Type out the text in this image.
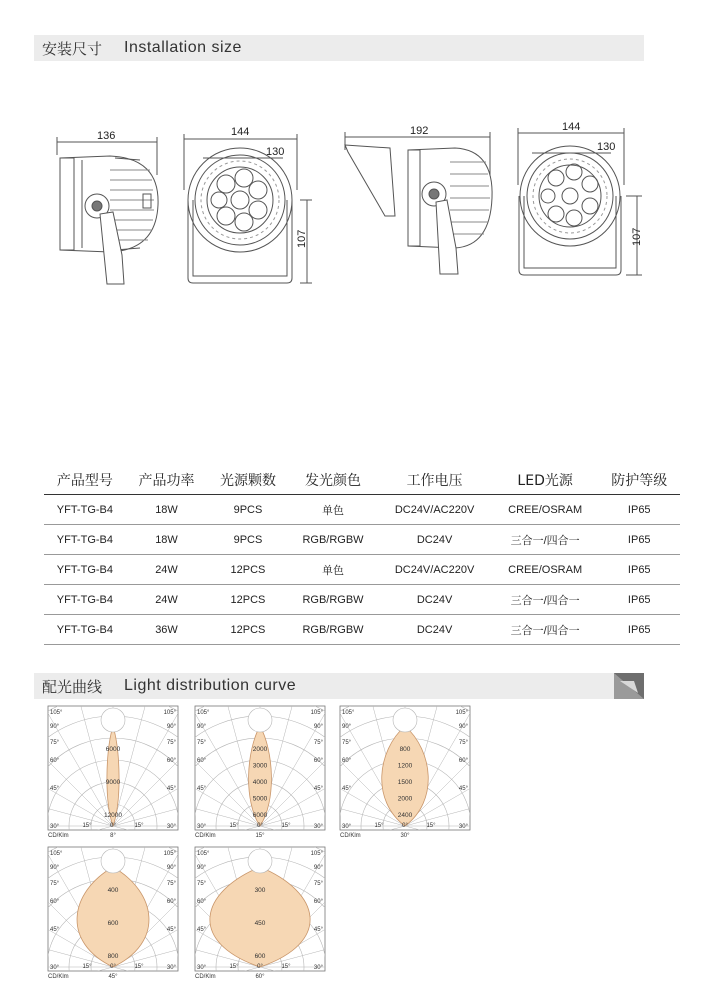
安装尺寸 Installation size
136	144
130
107
192	144
130
107
产品型号	产品功率	光源颗数	发光颜色	工作电压	LED光源	防护等级
YFT-TG-B4	18W	9PCS	单色	DC24V/AC220V	CREE/OSRAM	IP65
YFT-TG-B4	18W	9PCS	RGB/RGBW	DC24V	三合一/四合一	IP65
YFT-TG-B4	24W	12PCS	单色	DC24V/AC220V	CREE/OSRAM	IP65
YFT-TG-B4	24W	12PCS	RGB/RGBW	DC24V	三合一/四合一	IP65
YFT-TG-B4	36W	12PCS	RGB/RGBW	DC24V	三合一/四合一	IP65
配光曲线 Light distribution curve
105°	105°
90°	90°
75°	75°
60°	60°
45°	45°
30°	30°
15°	0°	15°
6000
9000
12000
CD/Klm	8°
105°	105°
90°	90°
75°	75°
60°	60°
45°	45°
30°	30°
15°	0°	15°
2000
3000
4000
5000
6000
CD/Klm	15°
105°	105°
90°	90°
75°	75°
60°	60°
45°	45°
30°	30°
15°	0°	15°
800
1200
1500
2000
2400
CD/Klm	30°
105°	105°
90°	90°
75°	75°
60°	60°
45°	45°
30°	30°
15°	0°	15°
400
600
800
CD/Klm	45°
105°	105°
90°	90°
75°	75°
60°	60°
45°	45°
30°	30°
15°	0°	15°
300
450
600
CD/Klm	60°
